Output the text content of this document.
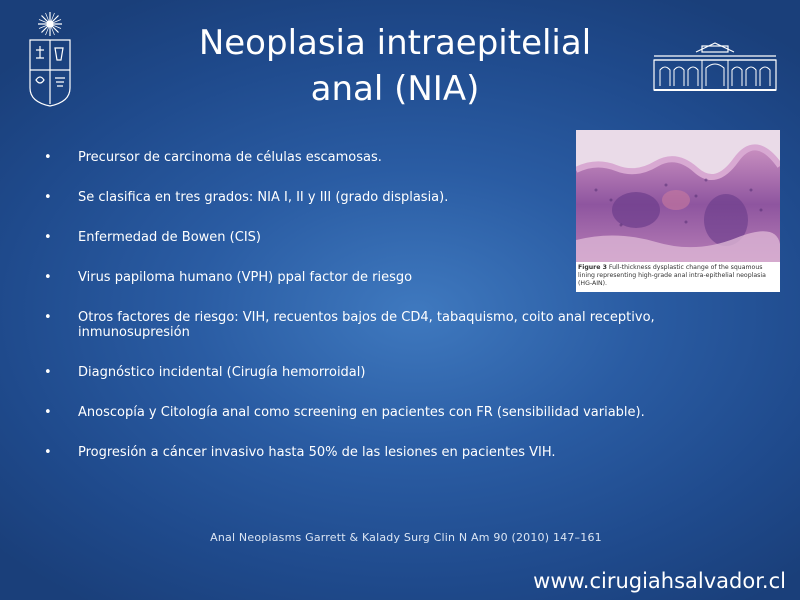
Neoplasia intraepitelial
anal (NIA)
•	Precursor de carcinoma de células escamosas.
•	Se clasifica en tres grados: NIA I, II y III (grado displasia).
•	Enfermedad de Bowen (CIS)
•	Virus papiloma humano (VPH) ppal factor de riesgo
•	Otros factores de riesgo: VIH, recuentos bajos de CD4, tabaquismo, coito anal receptivo, inmunosupresión
•	Diagnóstico incidental (Cirugía hemorroidal)
•	Anoscopía y Citología anal como screening en pacientes con FR (sensibilidad variable).
•	Progresión a cáncer invasivo hasta 50% de las lesiones en pacientes VIH.
Figure 3 Full-thickness dysplastic change of the squamous lining representing high-grade anal intra-epithelial neoplasia (HG-AIN).
Anal Neoplasms Garrett & Kalady Surg Clin N Am 90 (2010) 147–161
www.cirugiahsalvador.cl
